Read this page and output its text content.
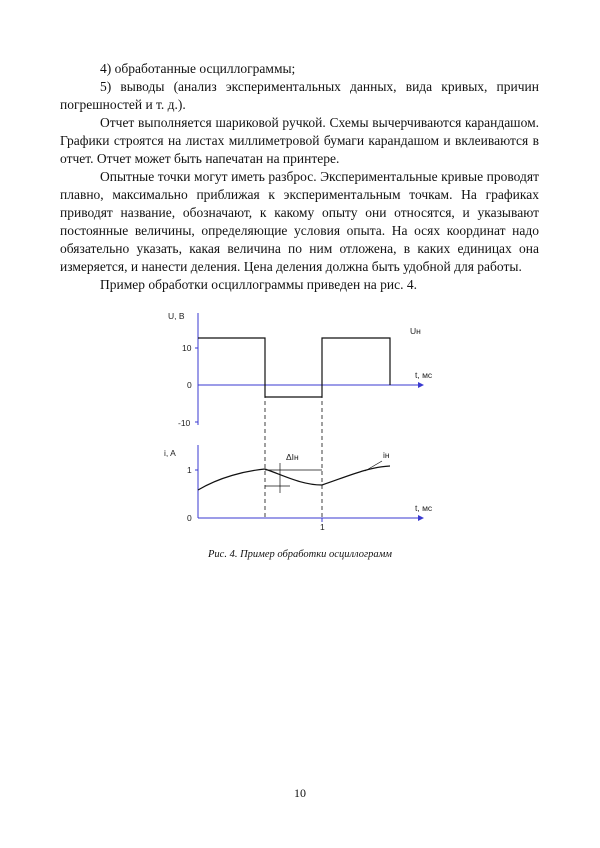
4) обработанные осциллограммы;

5) выводы (анализ экспериментальных данных, вида кривых, причин погрешностей и т. д.).

Отчет выполняется шариковой ручкой. Схемы вычерчиваются карандашом. Графики строятся на листах миллиметровой бумаги карандашом и вклеиваются в отчет. Отчет может быть напечатан на принтере.

Опытные точки могут иметь разброс. Экспериментальные кривые проводят плавно, максимально приближая к экспериментальным точкам. На графиках приводят название, обозначают, к какому опыту они относятся, и указывают постоянные величины, определяющие условия опыта. На осях координат надо обязательно указать, какая величина по ним отложена, в каких единицах она измеряется, и нанести деления. Цена деления должна быть удобной для работы.

Пример обработки осциллограммы приведен на рис. 4.

U, B
10
0
-10
t, мс
Uн
i, A
1
0
1
t, мс
iн
ΔIн
Рис. 4. Пример обработки осциллограмм
10
